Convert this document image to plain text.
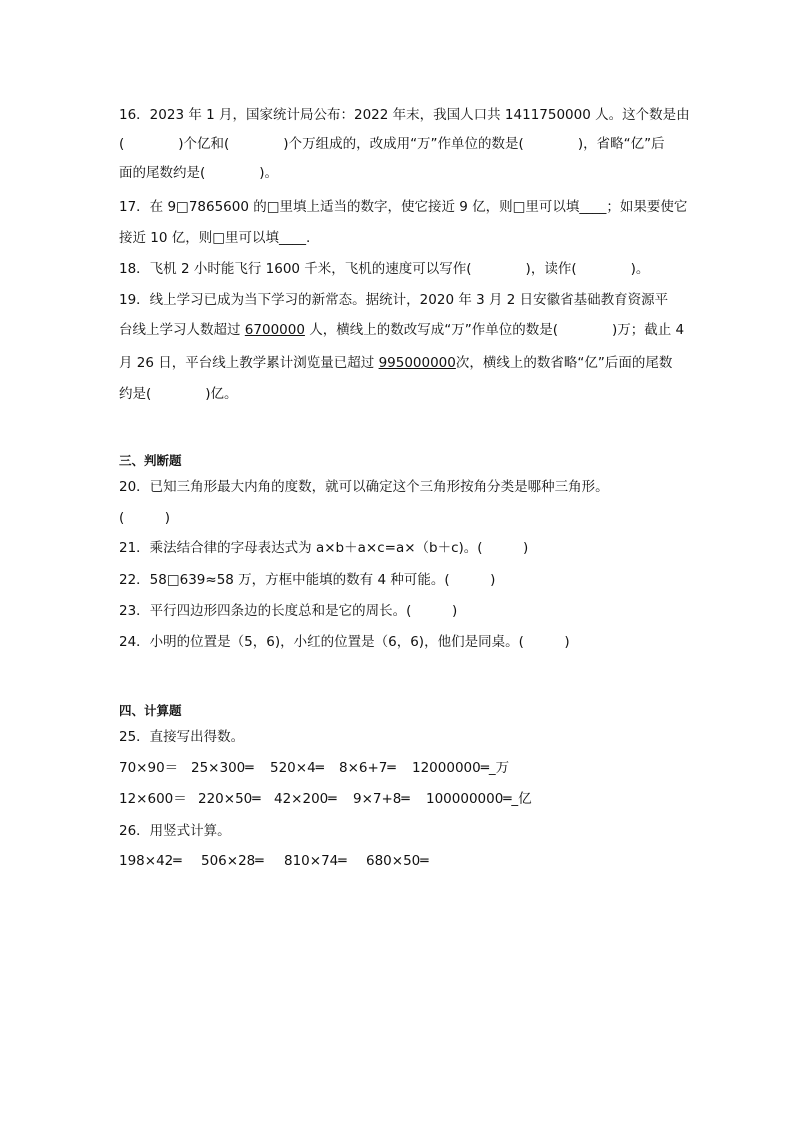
16．2023 年 1 月，国家统计局公布：2022 年末，我国人口共 1411750000 人。这个数是由
(　　　　)个亿和(　　　　)个万组成的，改成用“万”作单位的数是(　　　　)，省略“亿”后
面的尾数约是(　　　　)。
17．在 9□7865600 的□里填上适当的数字，使它接近 9 亿，则□里可以填____；如果要使它
接近 10 亿，则□里可以填____.
18．飞机 2 小时能飞行 1600 千米，飞机的速度可以写作(　　　　)，读作(　　　　)。
19．线上学习已成为当下学习的新常态。据统计，2020 年 3 月 2 日安徽省基础教育资源平
台线上学习人数超过 6700000 人，横线上的数改写成“万”作单位的数是(　　　　)万；截止 4
月 26 日，平台线上教学累计浏览量已超过 995000000次，横线上的数省略“亿”后面的尾数
约是(　　　　)亿。
三、判断题
20．已知三角形最大内角的度数，就可以确定这个三角形按角分类是哪种三角形。
(　　　)
21．乘法结合律的字母表达式为 a×b＋a×c=a×（b＋c)。(　　　)
22．58□639≈58 万，方框中能填的数有 4 种可能。(　　　)
23．平行四边形四条边的长度总和是它的周长。(　　　)
24．小明的位置是（5，6)，小红的位置是（6，6)，他们是同桌。(　　　)
四、计算题
25．直接写出得数。
70×90＝ 25×300═ 520×4═ 8×6+7═ 12000000═_万
12×600＝ 220×50═ 42×200═ 9×7+8═ 100000000═_亿
26．用竖式计算。
198×42═ 506×28═ 810×74═ 680×50═
